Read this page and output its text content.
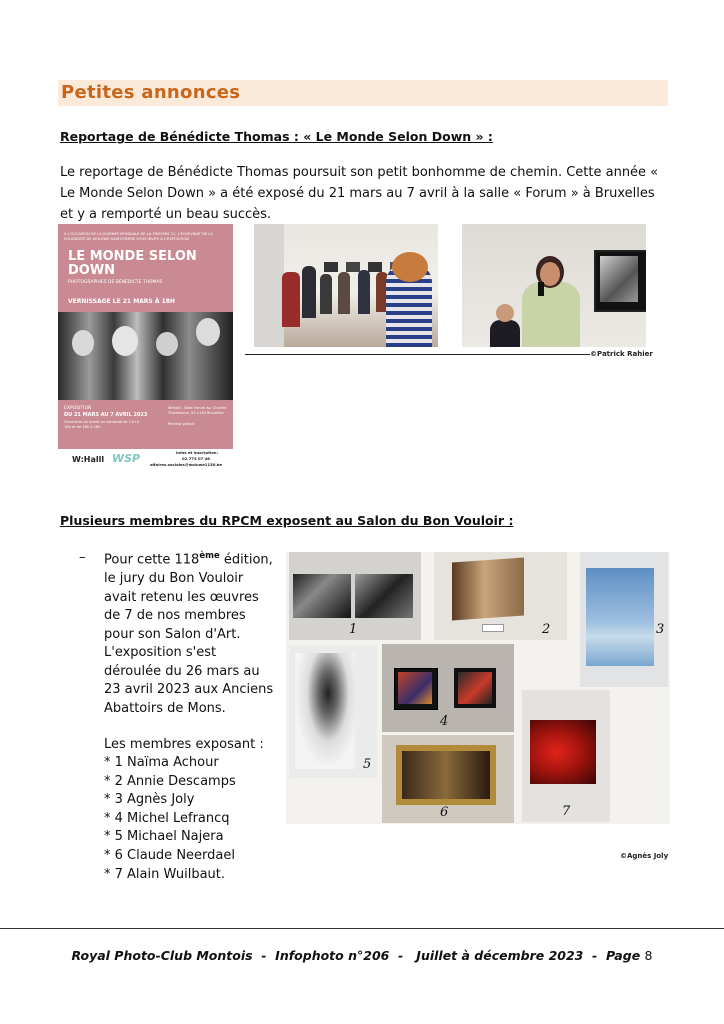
Petites annonces
Reportage de Bénédicte Thomas : « Le Monde Selon Down » :
Le reportage de Bénédicte Thomas poursuit son petit bonhomme de chemin. Cette année « Le Monde Selon Down » a été exposé du 21 mars au 7 avril à la salle « Forum » à Bruxelles et y a remporté un beau succès.
À L'OCCASION DE LA JOURNÉE MONDIALE DE LA TRISOMIE 21, L'ECHEVINAT DE LA SOLIDARITÉ DE WOLUWE-SAINT-PIERRE VOUS INVITE À L'EXPOSITION
LE MONDE SELON
DOWN
PHOTOGRAPHIES DE BÉNÉDICTE THOMAS
VERNISSAGE LE 21 MARS À 18H
EXPOSITION
DU 21 MARS AU 7 AVRIL 2023
Ouverture du mardi au vendredi de 11h à 18h et de 18h à 18h
W:Halll - Salle Forum Av. Charles Thielemans, 93 1150 Bruxelles
Parking gratuit
W:Halll WSP	Infos et inscription:
02.773 07 48
affaires.sociales@woluwe1150.be
©Patrick Rahier
Plusieurs membres du RPCM exposent au Salon du Bon Vouloir :
– Pour cette 118ème édition, le jury du Bon Vouloir avait retenu les œuvres de 7 de nos membres pour son Salon d'Art. L'exposition s'est déroulée du 26 mars au 23 avril 2023 aux Anciens Abattoirs de Mons.
Les membres exposant :
* 1 Naïma Achour
* 2 Annie Descamps
* 3 Agnès Joly
* 4 Michel Lefrancq
* 5 Michael Najera
* 6 Claude Neerdael
* 7 Alain Wuilbaut.
1	2	3
4
5
6	7
©Agnès Joly
Royal Photo-Club Montois  -  Infophoto n°206  -   Juillet à décembre 2023  -  Page 8
